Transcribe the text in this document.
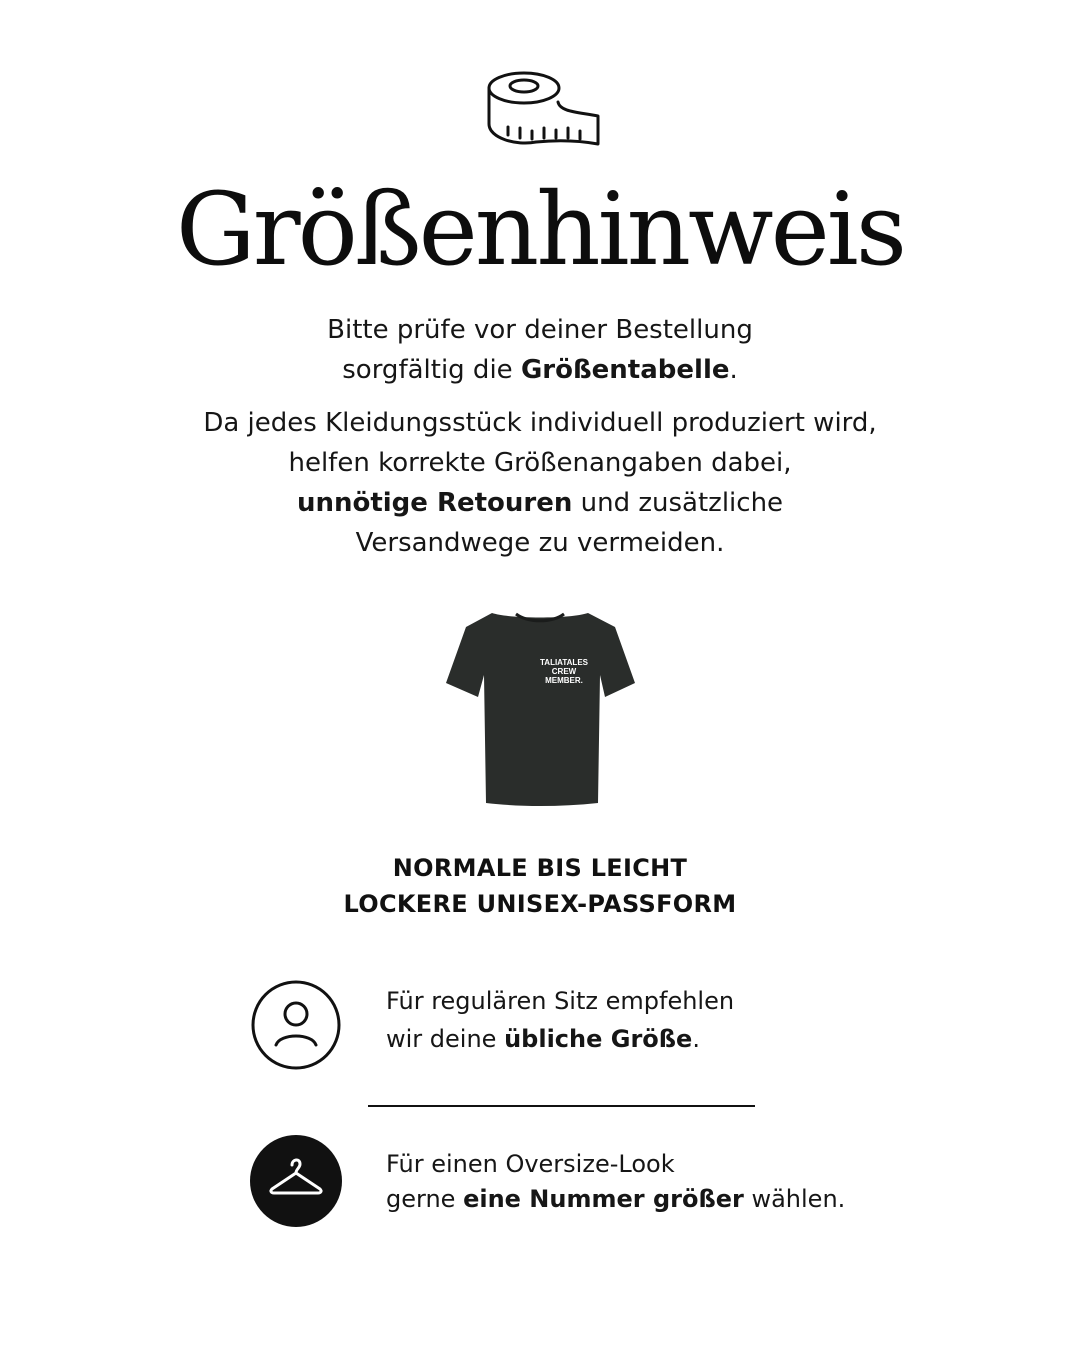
Größenhinweis
Bitte prüfe vor deiner Bestellung
sorgfältig die Größentabelle.
Da jedes Kleidungsstück individuell produziert wird,
helfen korrekte Größenangaben dabei,
unnötige Retouren und zusätzliche
Versandwege zu vermeiden.
TALIATALES
CREW
MEMBER.
NORMALE BIS LEICHT
LOCKERE UNISEX-PASSFORM
Für regulären Sitz empfehlen
wir deine übliche Größe.
Für einen Oversize-Look
gerne eine Nummer größer wählen.
